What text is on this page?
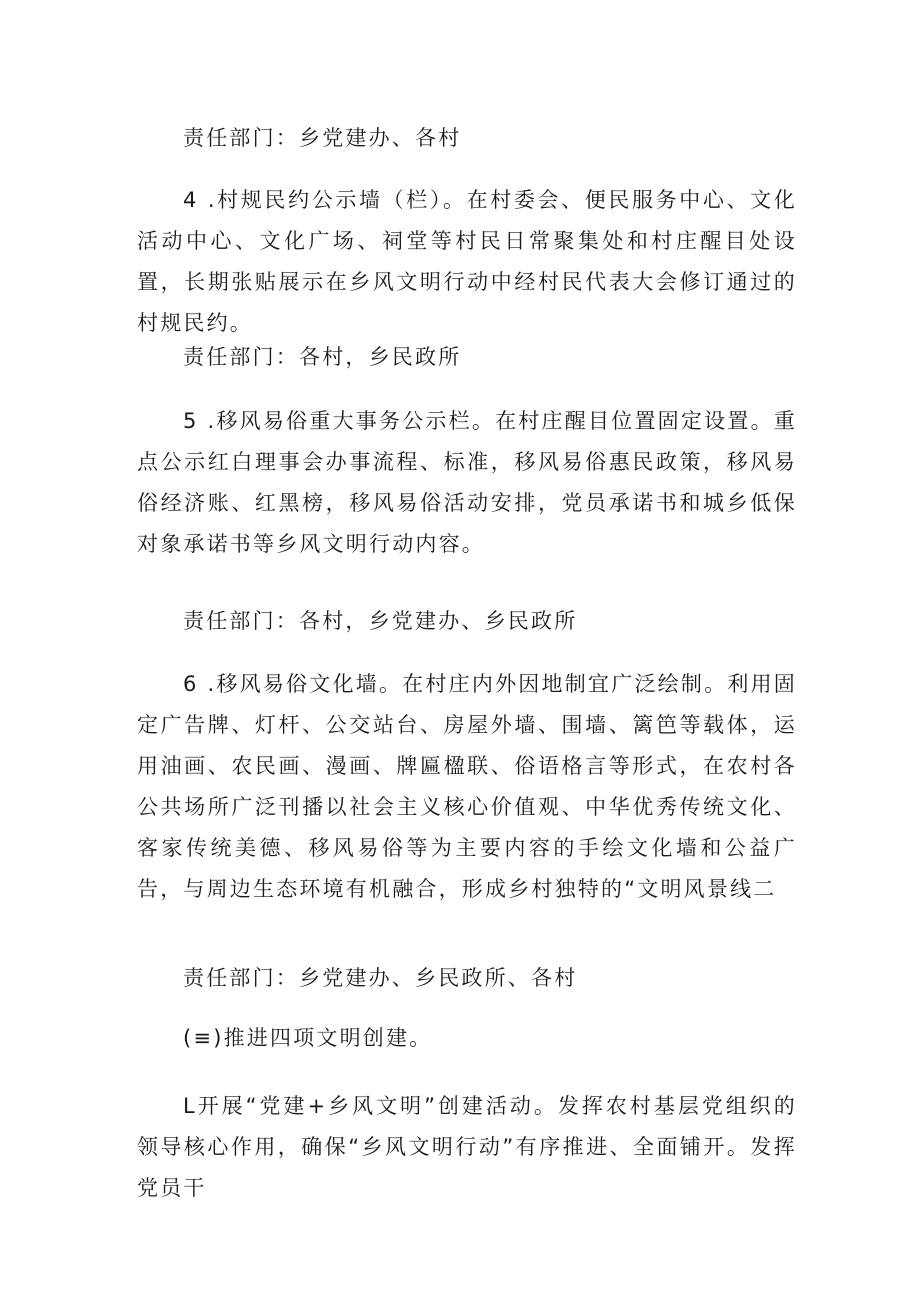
责任部门：乡党建办、各村

4 .村规民约公示墙（栏）。在村委会、便民服务中心、文化活动中心、文化广场、祠堂等村民日常聚集处和村庄醒目处设置，长期张贴展示在乡风文明行动中经村民代表大会修订通过的村规民约。

责任部门：各村，乡民政所

5 .移风易俗重大事务公示栏。在村庄醒目位置固定设置。重点公示红白理事会办事流程、标准，移风易俗惠民政策，移风易俗经济账、红黑榜，移风易俗活动安排，党员承诺书和城乡低保对象承诺书等乡风文明行动内容。

责任部门：各村，乡党建办、乡民政所

6 .移风易俗文化墙。在村庄内外因地制宜广泛绘制。利用固定广告牌、灯杆、公交站台、房屋外墙、围墙、篱笆等载体，运用油画、农民画、漫画、牌匾楹联、俗语格言等形式，在农村各公共场所广泛刊播以社会主义核心价值观、中华优秀传统文化、客家传统美德、移风易俗等为主要内容的手绘文化墙和公益广告，与周边生态环境有机融合，形成乡村独特的“文明风景线二

责任部门：乡党建办、乡民政所、各村

(≡)推进四项文明创建。

L开展“党建+乡风文明”创建活动。发挥农村基层党组织的领导核心作用，确保“乡风文明行动”有序推进、全面铺开。发挥党员干
